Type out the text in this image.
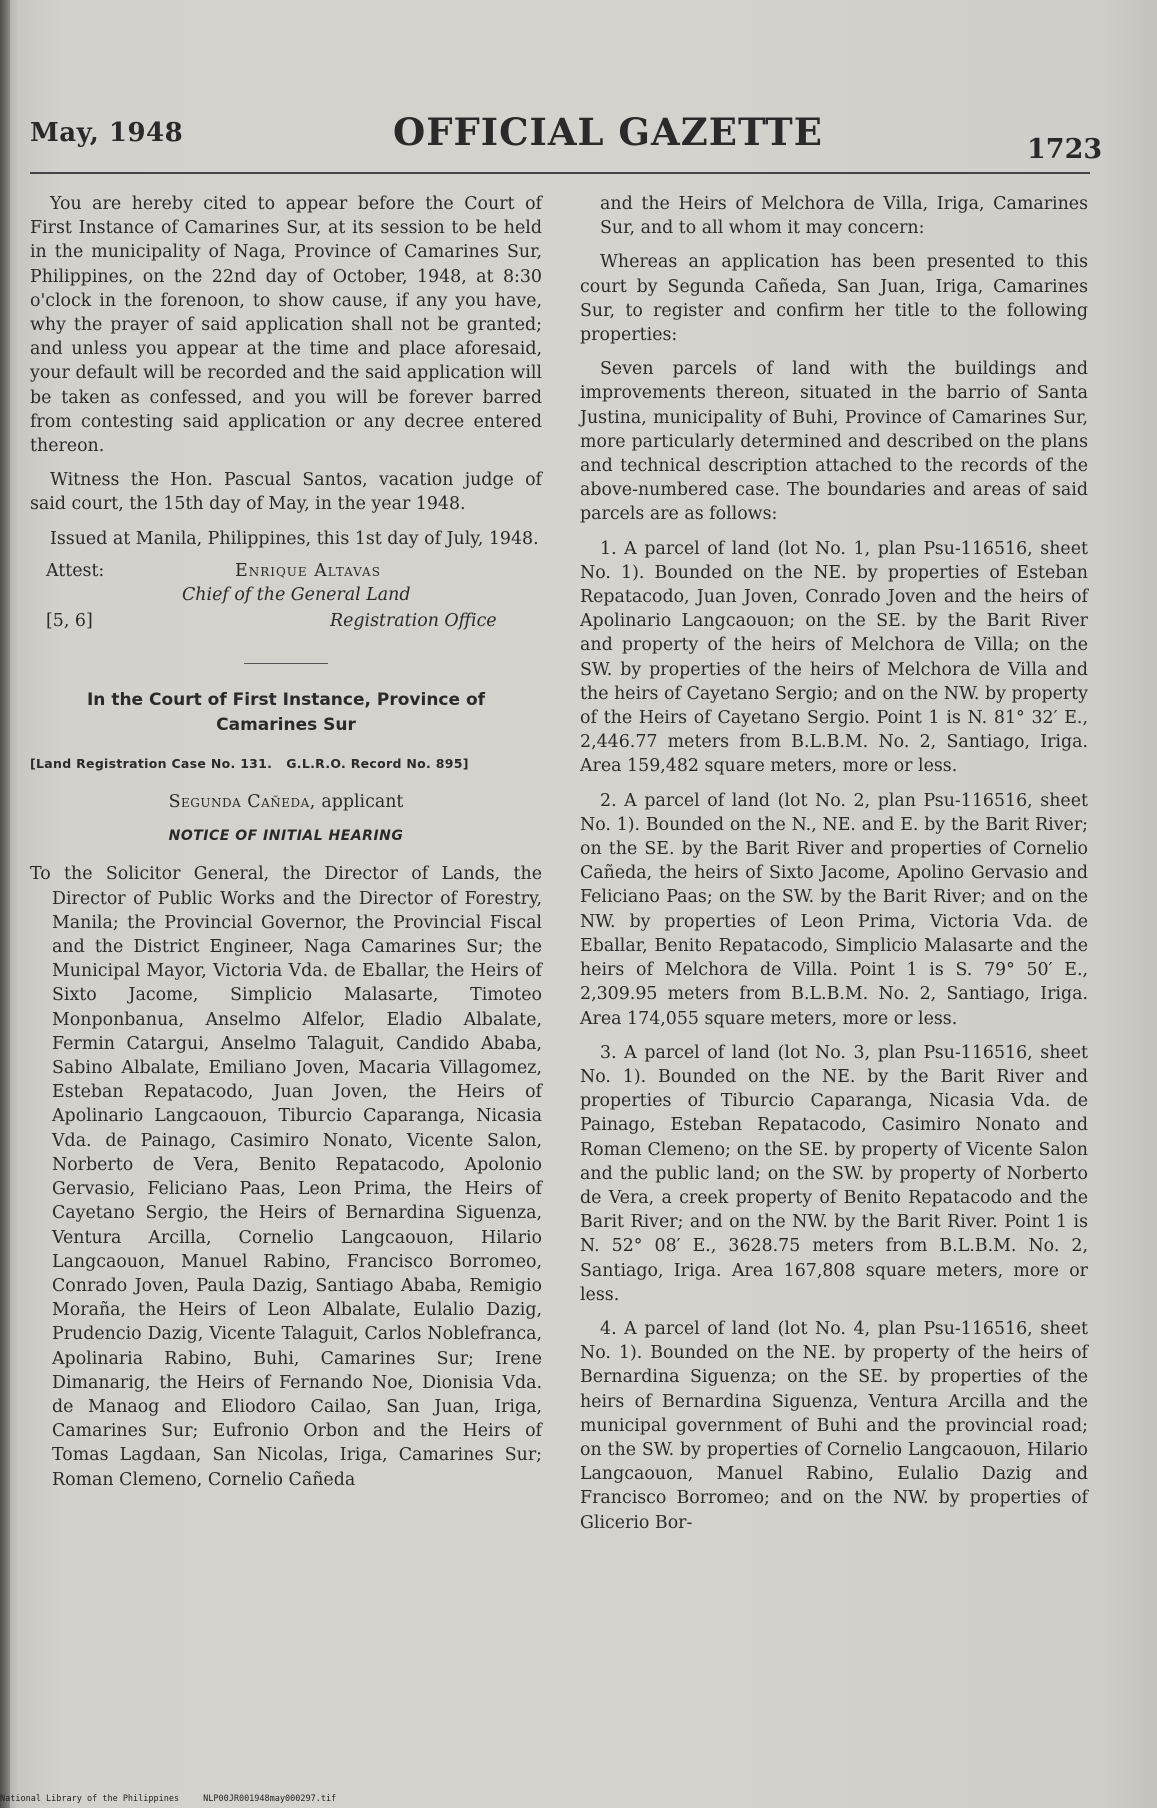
May, 1948	OFFICIAL GAZETTE	1723

You are hereby cited to appear before the Court of First Instance of Camarines Sur, at its session to be held in the municipality of Naga, Province of Camarines Sur, Philippines, on the 22nd day of October, 1948, at 8:30 o'clock in the forenoon, to show cause, if any you have, why the prayer of said application shall not be granted; and unless you appear at the time and place aforesaid, your default will be recorded and the said application will be taken as confessed, and you will be forever barred from contesting said application or any decree entered thereon.

Witness the Hon. Pascual Santos, vacation judge of said court, the 15th day of May, in the year 1948.

Issued at Manila, Philippines, this 1st day of July, 1948.

Attest:	Enrique Altavas
Chief of the General Land
[5, 6]	Registration Office
In the Court of First Instance, Province of
Camarines Sur
[Land Registration Case No. 131. G.L.R.O. Record No. 895]
Segunda Cañeda, applicant
NOTICE OF INITIAL HEARING

To the Solicitor General, the Director of Lands, the Director of Public Works and the Director of Forestry, Manila; the Provincial Governor, the Provincial Fiscal and the District Engineer, Naga Camarines Sur; the Municipal Mayor, Victoria Vda. de Eballar, the Heirs of Sixto Jacome, Simplicio Malasarte, Timoteo Monponbanua, Anselmo Alfelor, Eladio Albalate, Fermin Catargui, Anselmo Talaguit, Candido Ababa, Sabino Albalate, Emiliano Joven, Macaria Villagomez, Esteban Repatacodo, Juan Joven, the Heirs of Apolinario Langcaouon, Tiburcio Caparanga, Nicasia Vda. de Painago, Casimiro Nonato, Vicente Salon, Norberto de Vera, Benito Repatacodo, Apolonio Gervasio, Feliciano Paas, Leon Prima, the Heirs of Cayetano Sergio, the Heirs of Bernardina Siguenza, Ventura Arcilla, Cornelio Langcaouon, Hilario Langcaouon, Manuel Rabino, Francisco Borromeo, Conrado Joven, Paula Dazig, Santiago Ababa, Remigio Moraña, the Heirs of Leon Albalate, Eulalio Dazig, Prudencio Dazig, Vicente Talaguit, Carlos Noblefranca, Apolinaria Rabino, Buhi, Camarines Sur; Irene Dimanarig, the Heirs of Fernando Noe, Dionisia Vda. de Manaog and Eliodoro Cailao, San Juan, Iriga, Camarines Sur; Eufronio Orbon and the Heirs of Tomas Lagdaan, San Nicolas, Iriga, Camarines Sur; Roman Clemeno, Cornelio Cañeda

and the Heirs of Melchora de Villa, Iriga, Camarines Sur, and to all whom it may concern:

Whereas an application has been presented to this court by Segunda Cañeda, San Juan, Iriga, Camarines Sur, to register and confirm her title to the following properties:

Seven parcels of land with the buildings and improvements thereon, situated in the barrio of Santa Justina, municipality of Buhi, Province of Camarines Sur, more particularly determined and described on the plans and technical description attached to the records of the above-numbered case. The boundaries and areas of said parcels are as follows:

1. A parcel of land (lot No. 1, plan Psu-116516, sheet No. 1). Bounded on the NE. by properties of Esteban Repatacodo, Juan Joven, Conrado Joven and the heirs of Apolinario Langcaouon; on the SE. by the Barit River and property of the heirs of Melchora de Villa; on the SW. by properties of the heirs of Melchora de Villa and the heirs of Cayetano Sergio; and on the NW. by property of the Heirs of Cayetano Sergio. Point 1 is N. 81° 32′ E., 2,446.77 meters from B.L.B.M. No. 2, Santiago, Iriga. Area 159,482 square meters, more or less.

2. A parcel of land (lot No. 2, plan Psu-116516, sheet No. 1). Bounded on the N., NE. and E. by the Barit River; on the SE. by the Barit River and properties of Cornelio Cañeda, the heirs of Sixto Jacome, Apolino Gervasio and Feliciano Paas; on the SW. by the Barit River; and on the NW. by properties of Leon Prima, Victoria Vda. de Eballar, Benito Repatacodo, Simplicio Malasarte and the heirs of Melchora de Villa. Point 1 is S. 79° 50′ E., 2,309.95 meters from B.L.B.M. No. 2, Santiago, Iriga. Area 174,055 square meters, more or less.

3. A parcel of land (lot No. 3, plan Psu-116516, sheet No. 1). Bounded on the NE. by the Barit River and properties of Tiburcio Caparanga, Nicasia Vda. de Painago, Esteban Repatacodo, Casimiro Nonato and Roman Clemeno; on the SE. by property of Vicente Salon and the public land; on the SW. by property of Norberto de Vera, a creek property of Benito Repatacodo and the Barit River; and on the NW. by the Barit River. Point 1 is N. 52° 08′ E., 3628.75 meters from B.L.B.M. No. 2, Santiago, Iriga. Area 167,808 square meters, more or less.

4. A parcel of land (lot No. 4, plan Psu-116516, sheet No. 1). Bounded on the NE. by property of the heirs of Bernardina Siguenza; on the SE. by properties of the heirs of Bernardina Siguenza, Ventura Arcilla and the municipal government of Buhi and the provincial road; on the SW. by properties of Cornelio Langcaouon, Hilario Langcaouon, Manuel Rabino, Eulalio Dazig and Francisco Borromeo; and on the NW. by properties of Glicerio Bor-

National Library of the Philippines	NLP00JR001948may000297.tif
